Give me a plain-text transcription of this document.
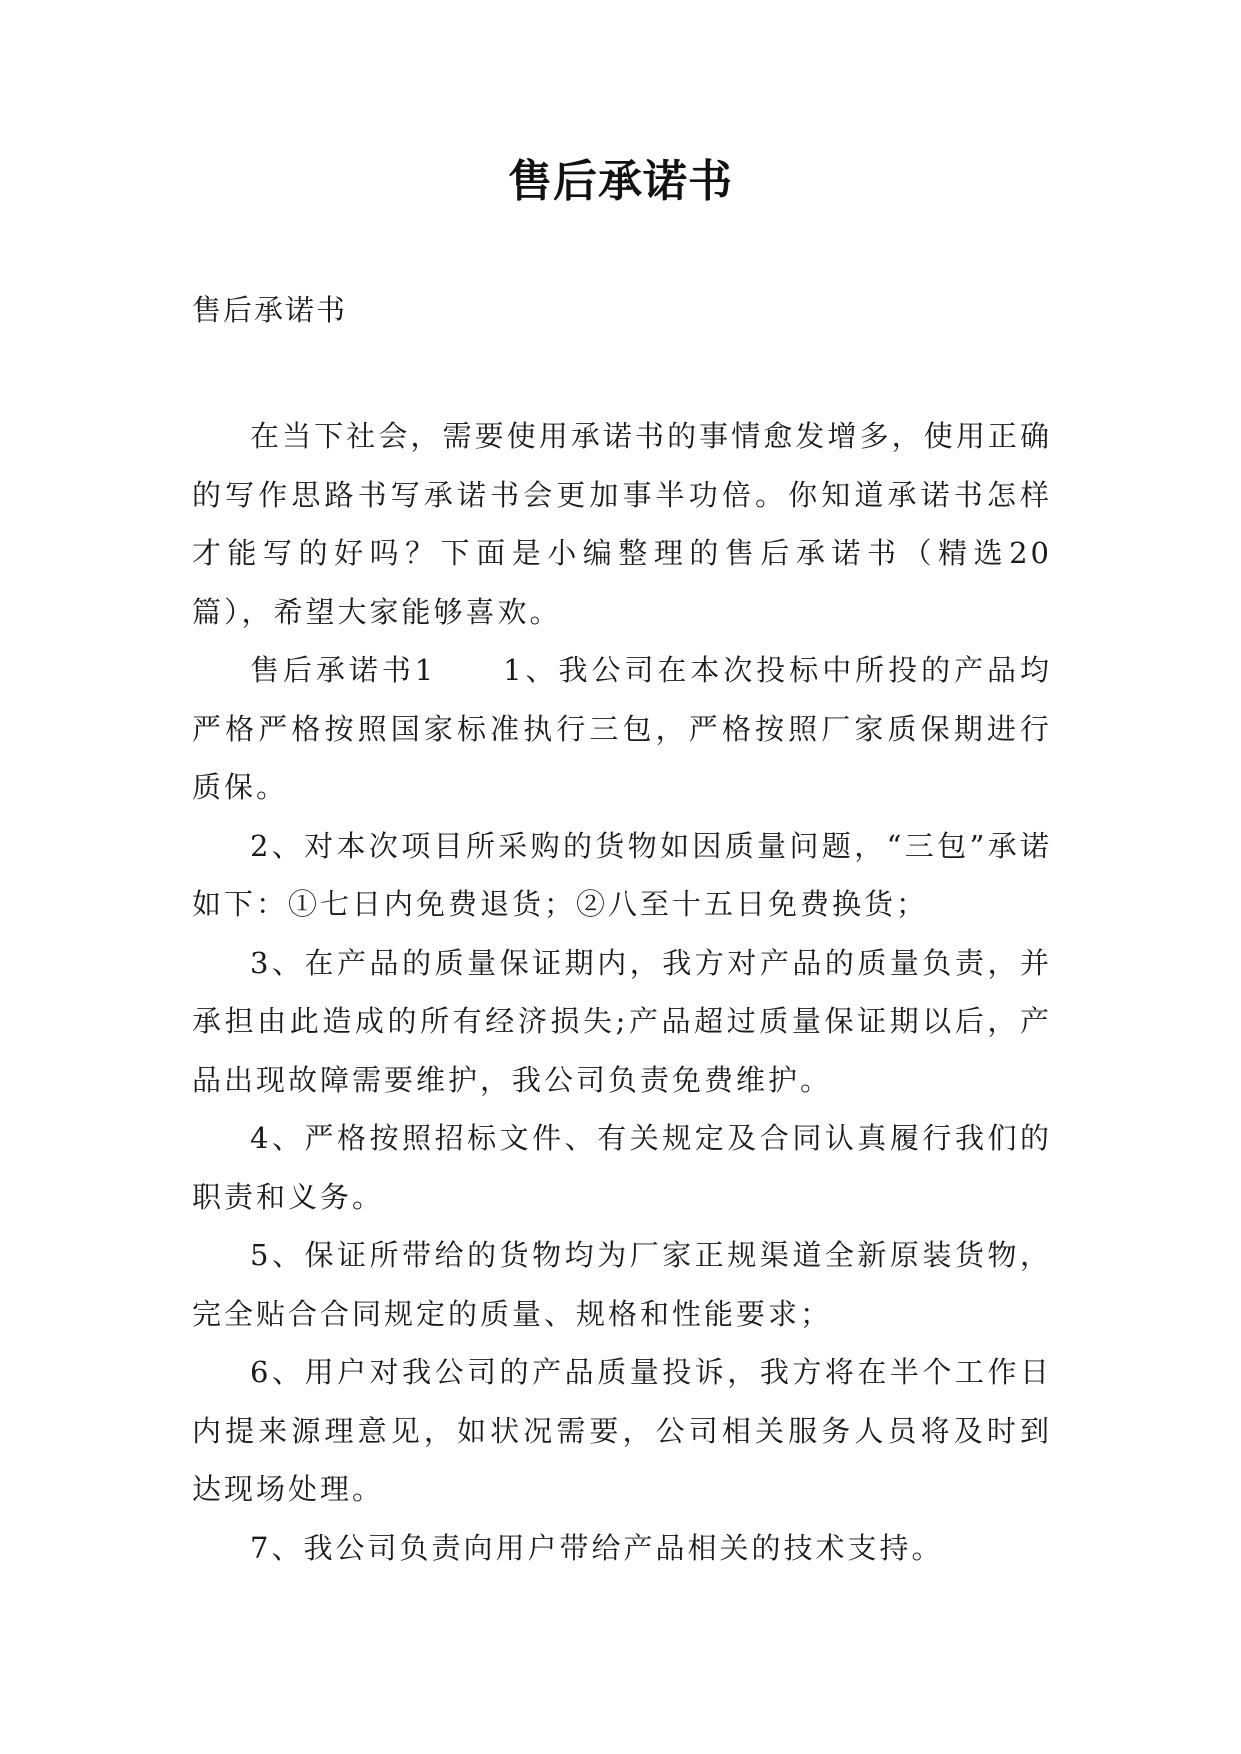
售后承诺书
售后承诺书

在当下社会，需要使用承诺书的事情愈发增多，使用正确的写作思路书写承诺书会更加事半功倍。你知道承诺书怎样才能写的好吗？下面是小编整理的售后承诺书（精选20篇），希望大家能够喜欢。

售后承诺书1　　1、我公司在本次投标中所投的产品均严格严格按照国家标准执行三包，严格按照厂家质保期进行质保。

2、对本次项目所采购的货物如因质量问题，“三包”承诺如下：①七日内免费退货；②八至十五日免费换货；

3、在产品的质量保证期内，我方对产品的质量负责，并承担由此造成的所有经济损失;产品超过质量保证期以后，产品出现故障需要维护，我公司负责免费维护。

4、严格按照招标文件、有关规定及合同认真履行我们的职责和义务。

5、保证所带给的货物均为厂家正规渠道全新原装货物，完全贴合合同规定的质量、规格和性能要求；

6、用户对我公司的产品质量投诉，我方将在半个工作日内提来源理意见，如状况需要，公司相关服务人员将及时到达现场处理。

7、我公司负责向用户带给产品相关的技术支持。
